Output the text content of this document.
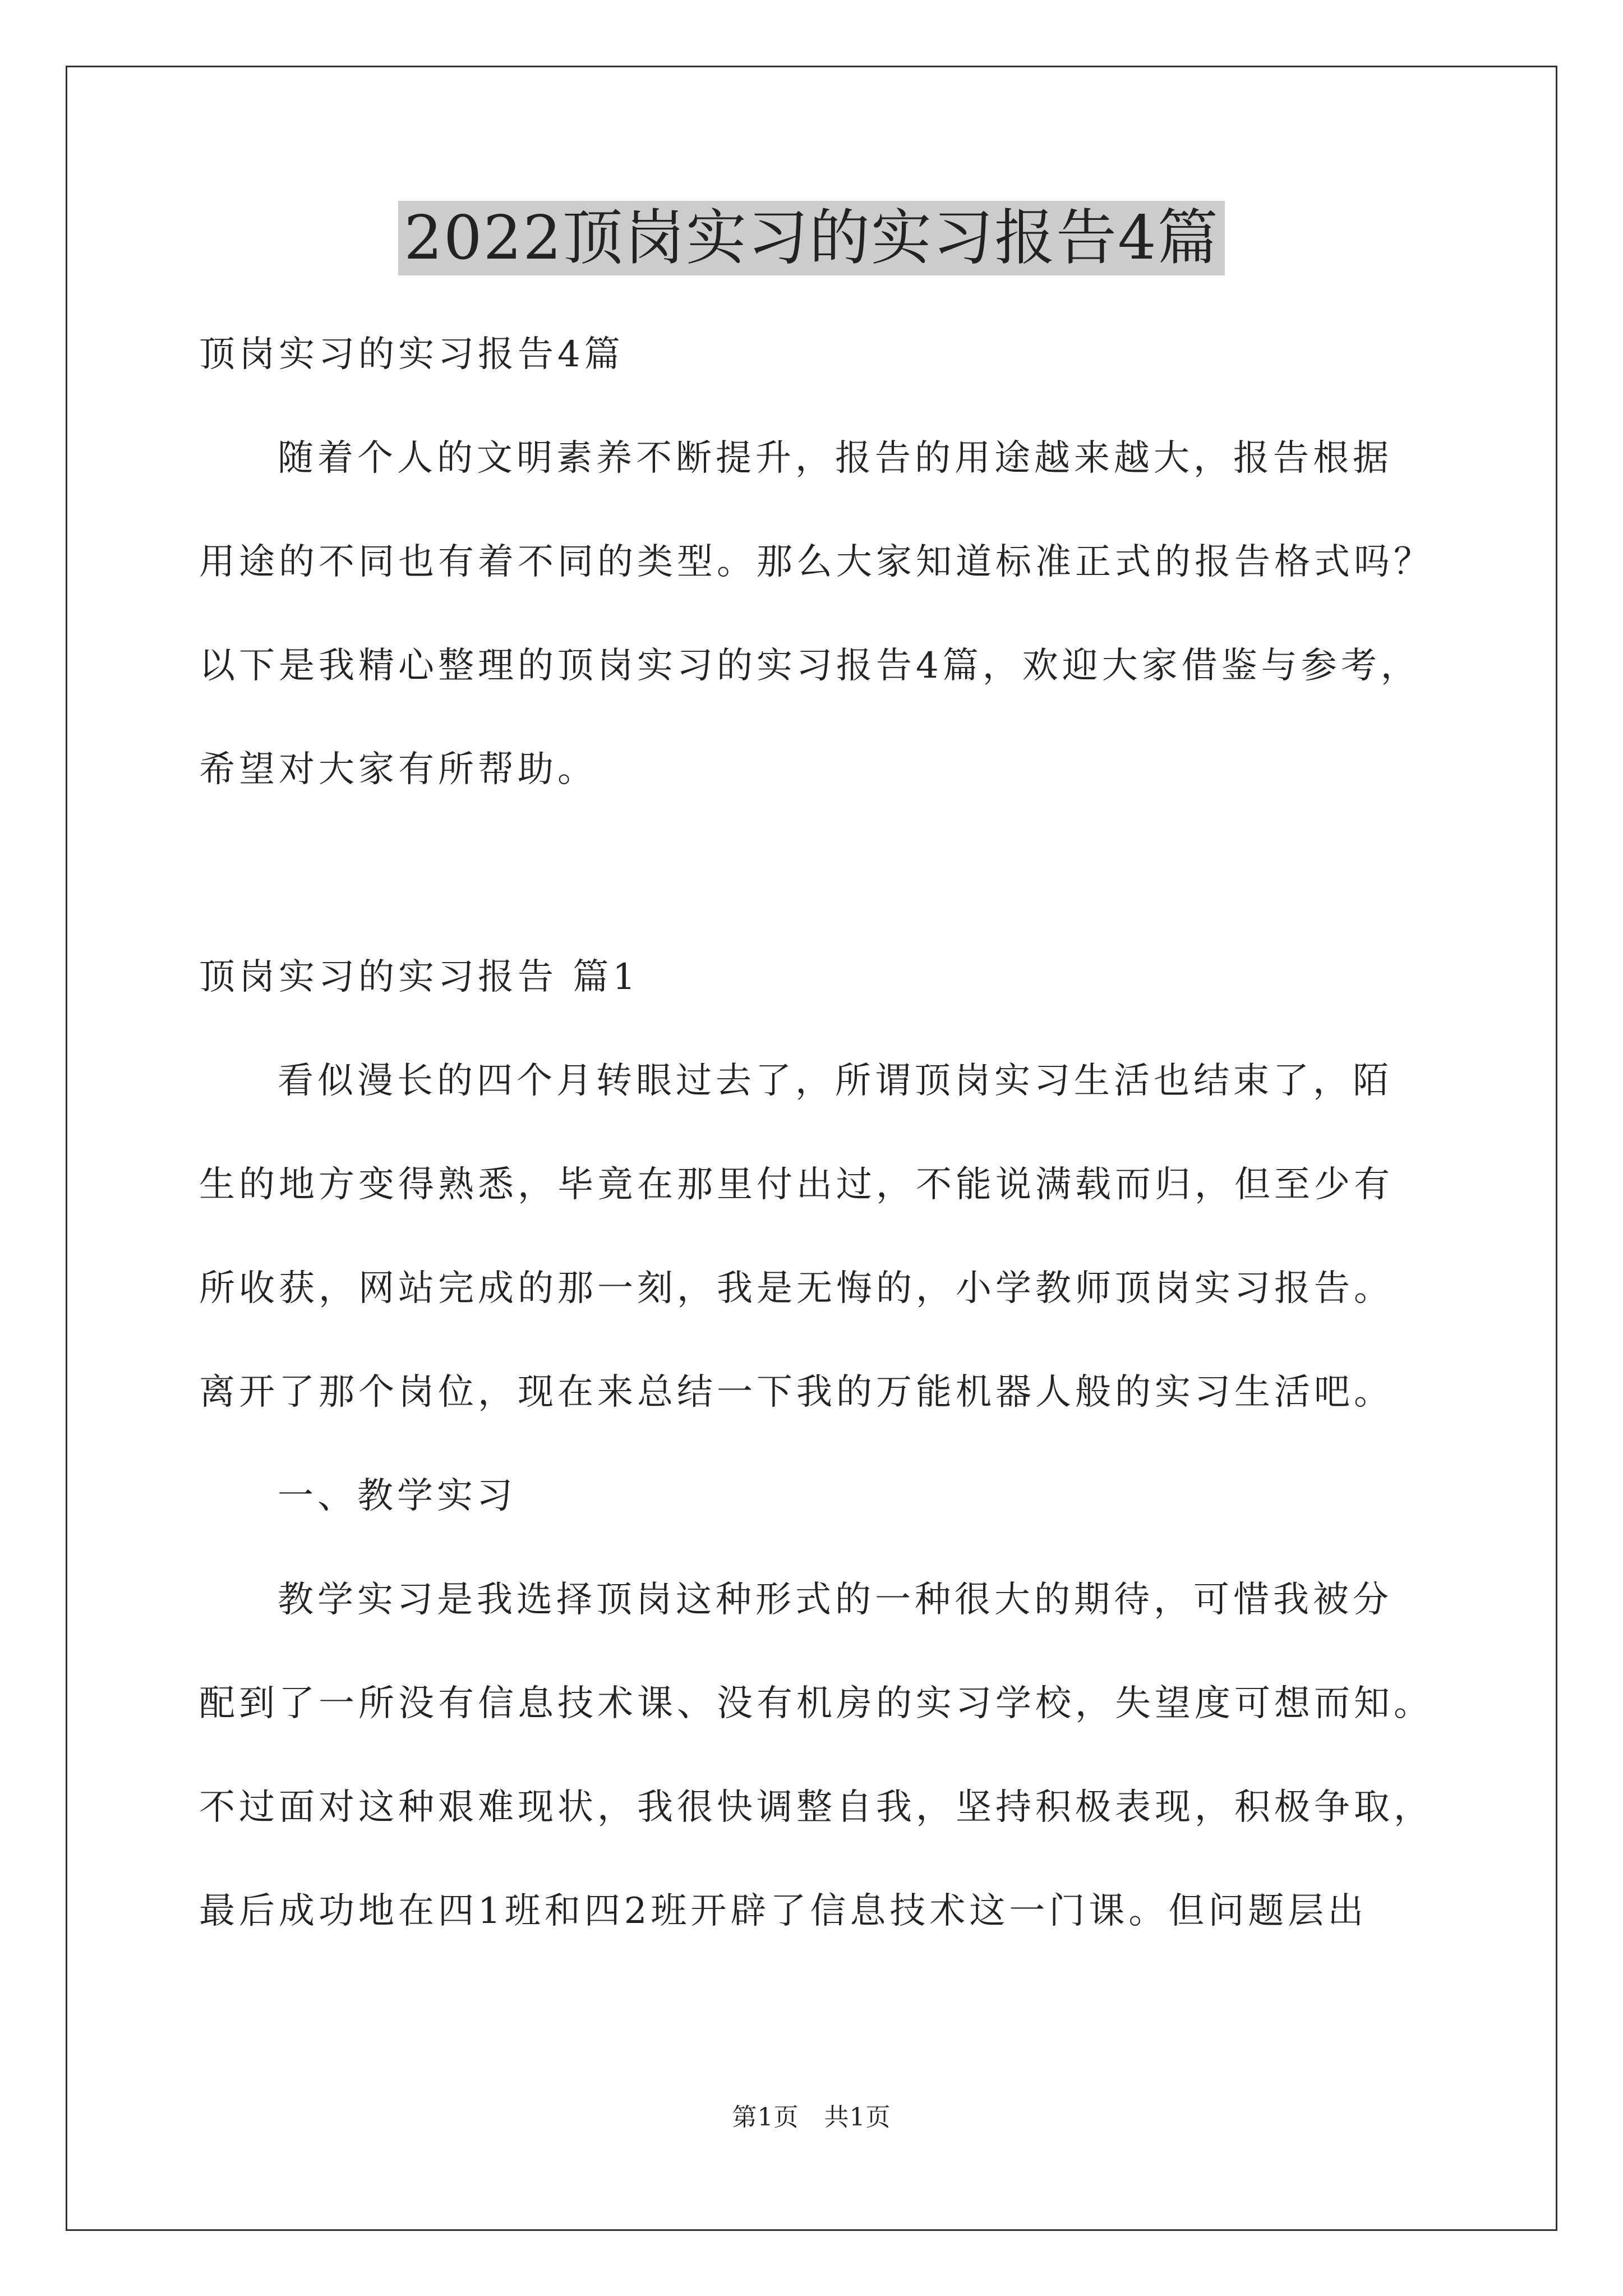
2022顶岗实习的实习报告4篇
顶岗实习的实习报告4篇
随着个人的文明素养不断提升，报告的用途越来越大，报告根据
用途的不同也有着不同的类型。那么大家知道标准正式的报告格式吗？
以下是我精心整理的顶岗实习的实习报告4篇，欢迎大家借鉴与参考，
希望对大家有所帮助。
顶岗实习的实习报告 篇1
看似漫长的四个月转眼过去了，所谓顶岗实习生活也结束了，陌
生的地方变得熟悉，毕竟在那里付出过，不能说满载而归，但至少有
所收获，网站完成的那一刻，我是无悔的，小学教师顶岗实习报告。
离开了那个岗位，现在来总结一下我的万能机器人般的实习生活吧。
一、教学实习
教学实习是我选择顶岗这种形式的一种很大的期待，可惜我被分
配到了一所没有信息技术课、没有机房的实习学校，失望度可想而知。
不过面对这种艰难现状，我很快调整自我，坚持积极表现，积极争取，
最后成功地在四1班和四2班开辟了信息技术这一门课。但问题层出
第1页　共1页
